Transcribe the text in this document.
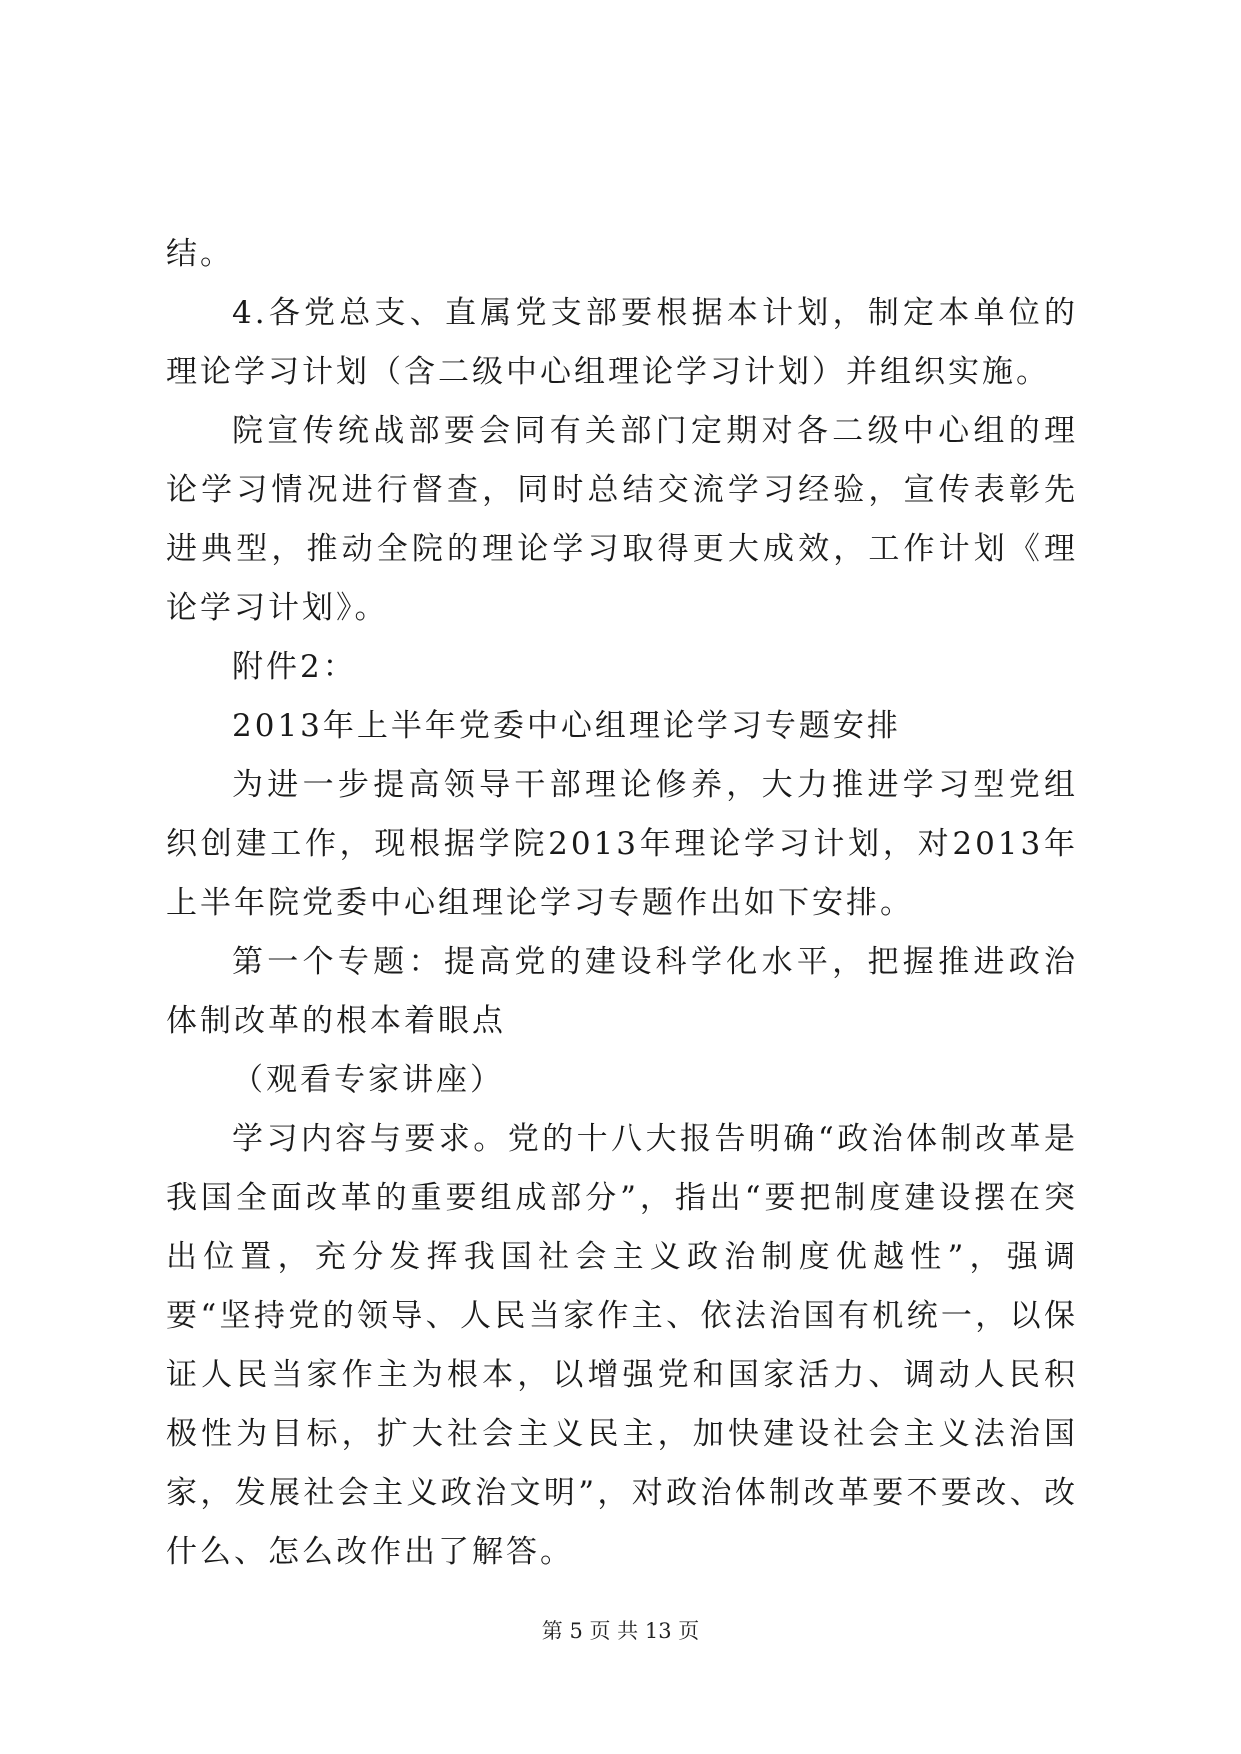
结。

4.各党总支、直属党支部要根据本计划，制定本单位的理论学习计划（含二级中心组理论学习计划）并组织实施。

院宣传统战部要会同有关部门定期对各二级中心组的理论学习情况进行督查，同时总结交流学习经验，宣传表彰先进典型，推动全院的理论学习取得更大成效，工作计划《理论学习计划》。

附件2：

2013年上半年党委中心组理论学习专题安排

为进一步提高领导干部理论修养，大力推进学习型党组织创建工作，现根据学院2013年理论学习计划，对2013年上半年院党委中心组理论学习专题作出如下安排。

第一个专题：提高党的建设科学化水平，把握推进政治体制改革的根本着眼点

（观看专家讲座）

学习内容与要求。党的十八大报告明确“政治体制改革是我国全面改革的重要组成部分”，指出“要把制度建设摆在突出位置，充分发挥我国社会主义政治制度优越性”，强调要“坚持党的领导、人民当家作主、依法治国有机统一，以保证人民当家作主为根本，以增强党和国家活力、调动人民积极性为目标，扩大社会主义民主，加快建设社会主义法治国家，发展社会主义政治文明”，对政治体制改革要不要改、改什么、怎么改作出了解答。

第 5 页 共 13 页
